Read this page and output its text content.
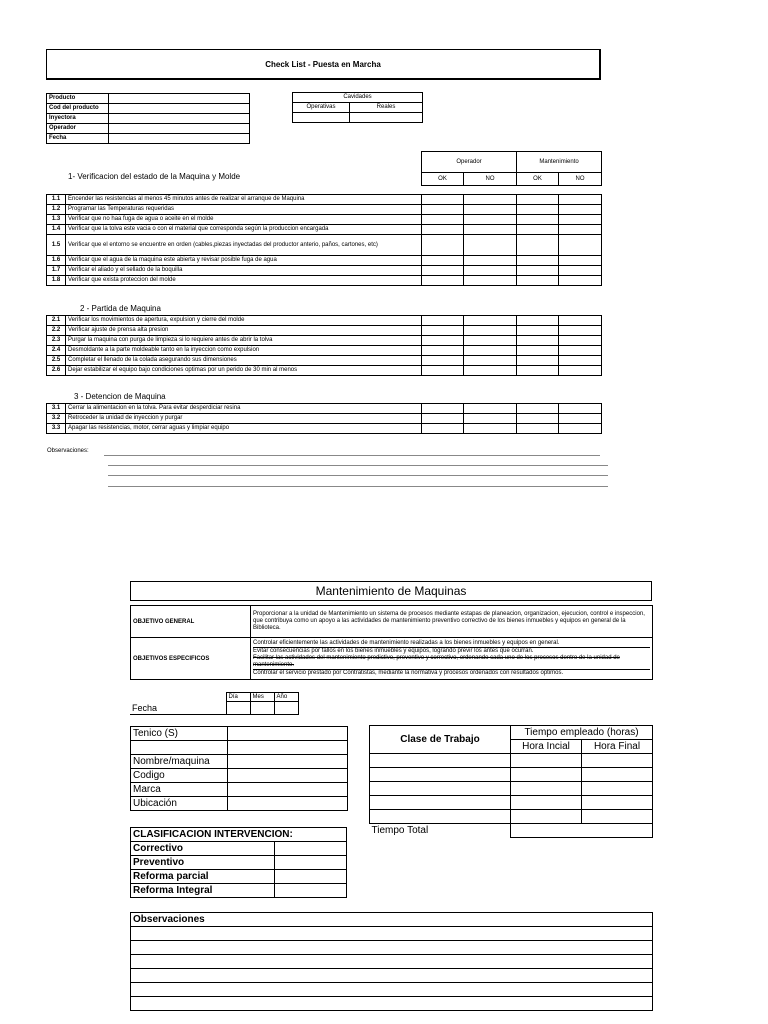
Check List - Puesta en Marcha
Producto	
Cod del producto	
Inyectora	
Operador	
Fecha	
Cavidades	
Operativas	Reales

Operador		Mantenimiento	
OK	NO	OK	NO
1- Verificacion del estado de la Maquina y Molde
1.1	Encender las resistencias al menos 45 minutos antes de realizar el arranque de Maquina				
1.2	Programar las Temperaturas requeridas				
1.3	Verificar que no haa fuga de agua o aceite en el molde				
1.4	Verificar que la tolva este vacia o con el material que corresponda según la produccion encargada				
1.5	Verificar que el entorno se encuentre en orden (cables,piezas inyectadas del productor anterio, paños, cartones, etc)				
1.6	Verificar que el agua de la maquina este abierta y revisar posible fuga de agua				
1.7	Verificar el aliado y el sellado de la boquilla				
1.8	Verificar que exista proteccion del molde				
2 - Partida de Maquina
2.1	Verificar los movimientos de apertura, expulsion y cierre del molde				
2.2	Verificar ajuste de prensa alta presion				
2.3	Purgar la maquina con purga de limpieza si lo requiere antes de abrir la tolva				
2.4	Desmoldante a la parte moldeable tanto en la inyeccion como expulsion				
2.5	Completar el llenado de la colada asegurando sus dimensiones				
2.6	Dejar estabilizar el equipo bajo condiciones optimas por un perido de 30 min al menos				
3 - Detencion de Maquina
3.1	Cerrar la alimentacion en la tolva. Para evitar desperdiciar resina				
3.2	Retroceder la unidad de inyeccion y purgar				
3.3	Apagar las resistencias, motor, cerrar aguas y limpiar equipo				
Observaciones:
Mantenimiento de Maquinas
OBJETIVO GENERAL	Proporcionar a la unidad de Mantenimiento un sistema de procesos mediante estapas de planeacion, organizacion, ejecucion, control e inspeccion, que contribuya como un apoyo a las actividades de mantenimiento preventivo correctivo de los bienes inmuebles y equipos en general de la Biblioteca.
OBJETIVOS ESPECIFICOS	Controlar eficientemente las actividades de mantenimiento realizadas a los bienes inmuebles y equipos en general.
Evitar consecuencias por fallos en los bienes inmuebles y equipos, logrando previr los antes que ocurran.
Facilitar las actividades del mantenimiento predictivo, preventivo y correctivo, ordenando cada uno de los procesos dentro de la unidad de mantenimiento.
Controlar el servicio prestado por Contratistas, mediante la normativa y procesos ordenados con resultados optimos.
	Día	Mes	Año
Fecha			
Tenico (S)	

Nombre/maquina	
Codigo	
Marca	
Ubicación	
Clase de Trabajo	Tiempo empleado (horas)	
	Hora Incial	Hora Final

Tiempo Total		
CLASIFICACION INTERVENCION:	
Correctivo	
Preventivo	
Reforma parcial	
Reforma Integral	
Observaciones
